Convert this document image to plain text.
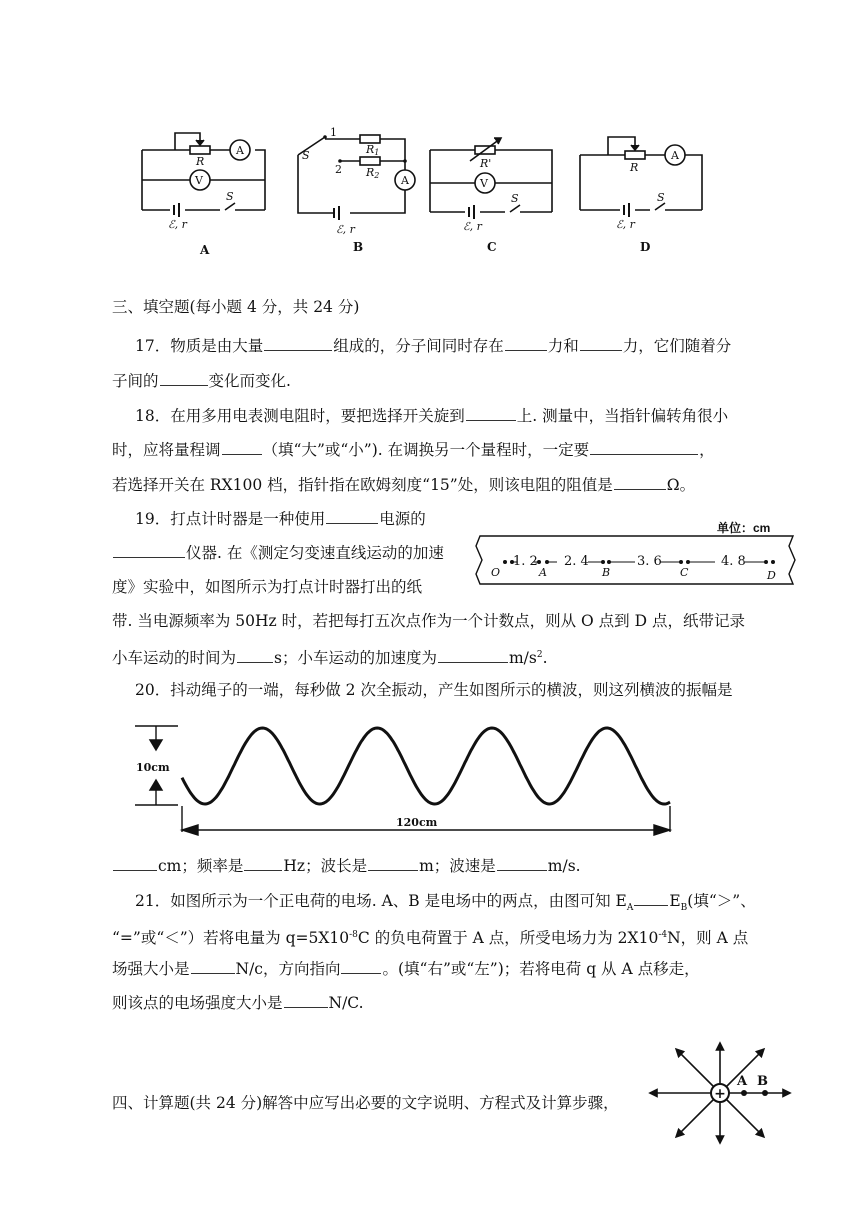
A
V
R
S
ℰ, r
1
2
S	R1
R2 A
ℰ, r
R'
V
S
ℰ, r
R
A
S
ℰ, r
A	B	C	D
三、填空题(每小题 4 分，共 24 分)
17．物质是由大量	组成的，分子间同时存在	力和	力，它们随着分
子间的	变化而变化.
18．在用多用电表测电阻时，要把选择开关旋到	上. 测量中，当指针偏转角很小
时，应将量程调	（填“大”或“小”). 在调换另一个量程时，一定要	，
若选择开关在 RX100 档，指针指在欧姆刻度“15”处，则该电阻的阻值是	Ω。
19．打点计时器是一种使用	电源的
仪器. 在《测定匀变速直线运动的加速
度》实验中，如图所示为打点计时器打出的纸
带. 当电源频率为 50Hz 时，若把每打五次点作为一个计数点，则从 O 点到 D 点，纸带记录
小车运动的时间为 s；小车运动的加速度为	$m/s^2$.
单位：cm
1. 2 2. 4	3. 6	4. 8
O	A	B	C	D
20．抖动绳子的一端，每秒做 2 次全振动，产生如图所示的横波，则这列横波的振幅是
10cm
120cm
cm；频率是	Hz；波长是	m；波速是	m/s.
21．如图所示为一个正电荷的电场. A、B 是电场中的两点，由图可知 $E_A$ $E_B$(填“＞”、
“=”或“＜”）若将电量为 $q=5X10^{-8}C$ 的负电荷置于 A 点，所受电场力为 $2X10^{-4}N$，则 A 点
场强大小是	N/c，方向指向	。(填“右”或“左”)；若将电荷 q 从 A 点移走，
则该点的电场强度大小是	N/C.
+
A B
四、计算题(共 24 分)解答中应写出必要的文字说明、方程式及计算步骤，
